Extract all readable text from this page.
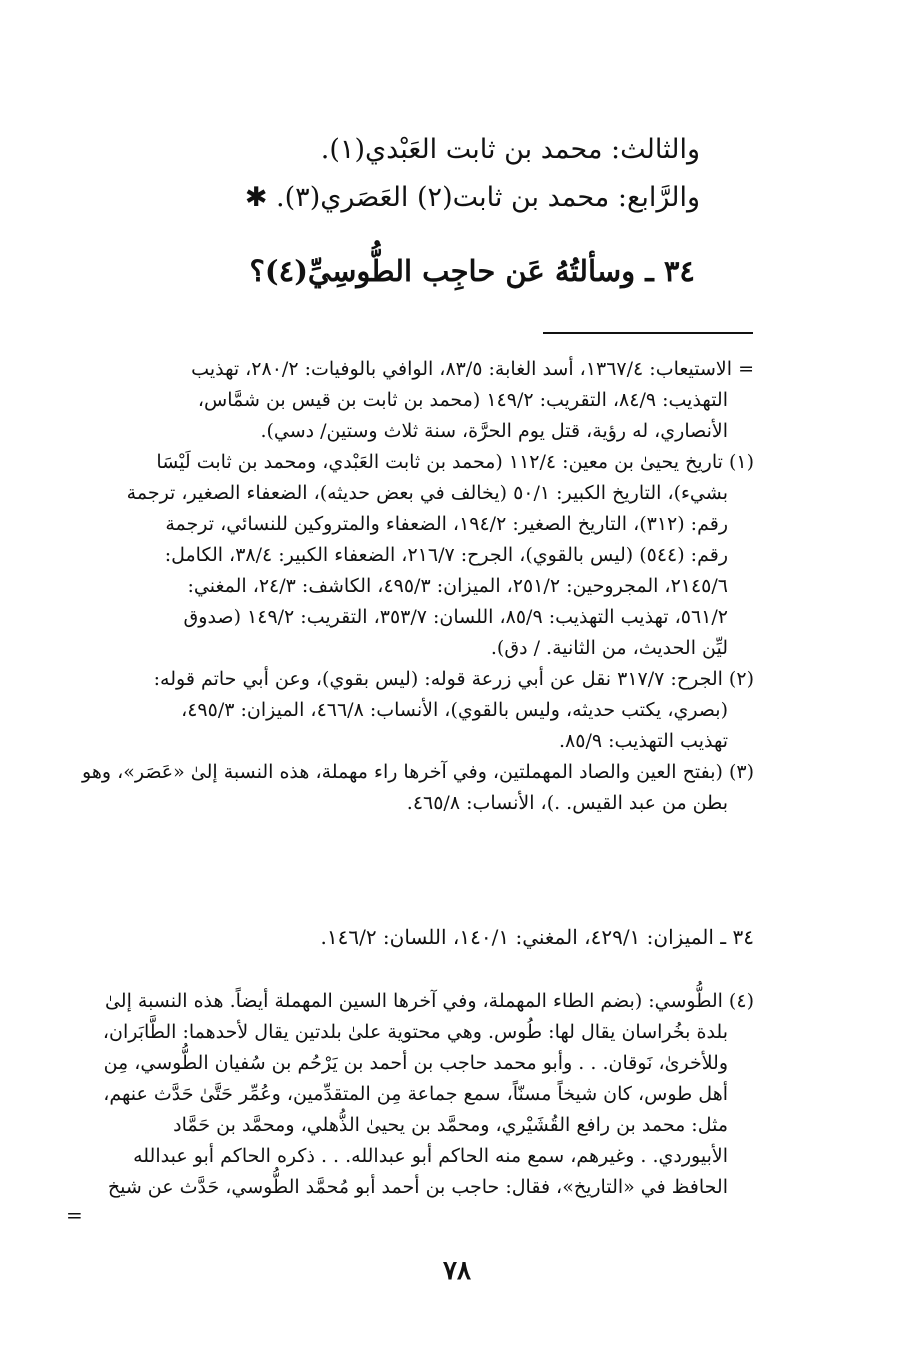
والثالث: محمد بن ثابت العَبْدي(١).
والرَّابع: محمد بن ثابت(٢) العَصَري(٣). ✱
٣٤ ـ وسألتُهُ عَن حاجِب الطُّوسِيِّ(٤)؟
= الاستيعاب: ١٣٦٧/٤، أسد الغابة: ٨٣/٥، الوافي بالوفيات: ٢٨٠/٢، تهذيب
التهذيب: ٨٤/٩، التقريب: ١٤٩/٢ (محمد بن ثابت بن قيس بن شمَّاس،
الأنصاري، له رؤية، قتل يوم الحرَّة، سنة ثلاث وستين/ دسي).
(١) تاريخ يحيىٰ بن معين: ١١٢/٤ (محمد بن ثابت العَبْدي، ومحمد بن ثابت لَيْسَا
بشيء)، التاريخ الكبير: ٥٠/١ (يخالف في بعض حديثه)، الضعفاء الصغير، ترجمة
رقم: (٣١٢)، التاريخ الصغير: ١٩٤/٢، الضعفاء والمتروكين للنسائي، ترجمة
رقم: (٥٤٤) (ليس بالقوي)، الجرح: ٢١٦/٧، الضعفاء الكبير: ٣٨/٤، الكامل:
٢١٤٥/٦، المجروحين: ٢٥١/٢، الميزان: ٤٩٥/٣، الكاشف: ٢٤/٣، المغني:
٥٦١/٢، تهذيب التهذيب: ٨٥/٩، اللسان: ٣٥٣/٧، التقريب: ١٤٩/٢ (صدوق
ليِّن الحديث، من الثانية. / دق).
(٢) الجرح: ٣١٧/٧ نقل عن أبي زرعة قوله: (ليس بقوي)، وعن أبي حاتم قوله:
(بصري، يكتب حديثه، وليس بالقوي)، الأنساب: ٤٦٦/٨، الميزان: ٤٩٥/٣،
تهذيب التهذيب: ٨٥/٩.
(٣) (بفتح العين والصاد المهملتين، وفي آخرها راء مهملة، هذه النسبة إلىٰ «عَصَر»، وهو
بطن من عبد القيس. .)، الأنساب: ٤٦٥/٨.
٣٤ ـ الميزان: ٤٢٩/١، المغني: ١٤٠/١، اللسان: ١٤٦/٢.
(٤) الطُّوسي: (بضم الطاء المهملة، وفي آخرها السين المهملة أيضاً. هذه النسبة إلىٰ
بلدة بخُراسان يقال لها: طُوس. وهي محتوية علىٰ بلدتين يقال لأحدهما: الطَّابَران،
وللأخرىٰ، نَوقان. . . وأبو محمد حاجب بن أحمد بن يَرْحُم بن سُفيان الطُّوسي، مِن
أهل طوس، كان شيخاً مسنّاً، سمع جماعة مِن المتقدِّمين، وعُمِّر حَتَّىٰ حَدَّث عنهم،
مثل: محمد بن رافع القُشَيْري، ومحمَّد بن يحيىٰ الذُّهلي، ومحمَّد بن حَمَّاد
الأبيوردي. . وغيرهم، سمع منه الحاكم أبو عبدالله. . . ذكره الحاكم أبو عبدالله
الحافظ في «التاريخ»، فقال: حاجب بن أحمد أبو مُحمَّد الطُّوسي، حَدَّث عن شيخ
=
٧٨
